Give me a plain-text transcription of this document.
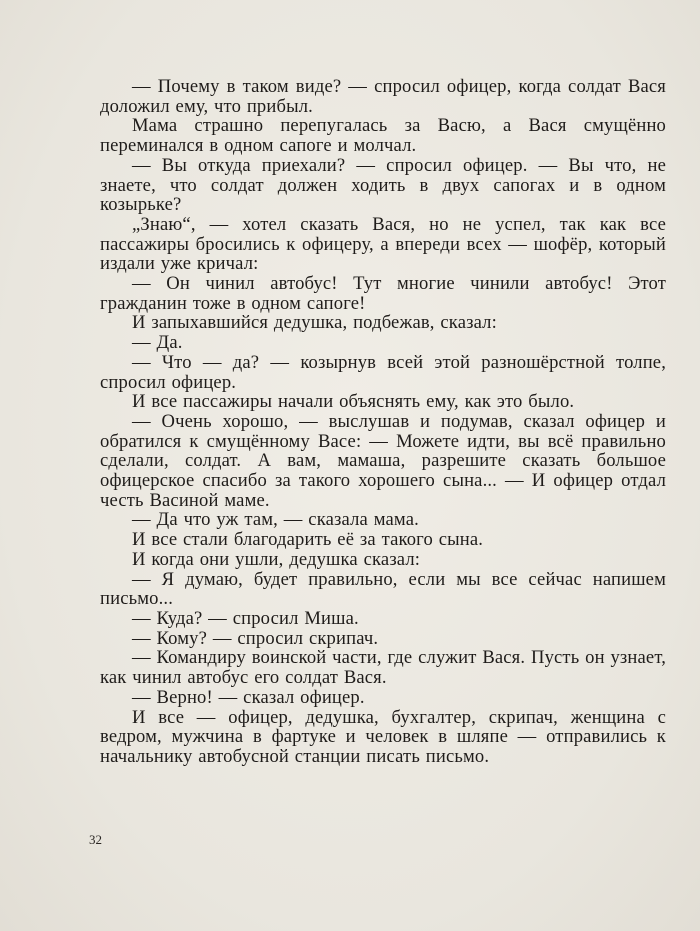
— Почему в таком виде? — спросил офицер, когда солдат Вася доложил ему, что прибыл.

Мама страшно перепугалась за Васю, а Вася смущённо переминался в одном сапоге и молчал.

— Вы откуда приехали? — спросил офицер. — Вы что, не знаете, что солдат должен ходить в двух сапогах и в одном козырьке?

„Знаю“, — хотел сказать Вася, но не успел, так как все пассажиры бросились к офицеру, а впереди всех — шофёр, который издали уже кричал:

— Он чинил автобус! Тут многие чинили автобус! Этот гражданин тоже в одном сапоге!

И запыхавшийся дедушка, подбежав, сказал:

— Да.

— Что — да? — козырнув всей этой разношёрстной толпе, спросил офицер.

И все пассажиры начали объяснять ему, как это было.

— Очень хорошо, — выслушав и подумав, сказал офицер и обратился к смущённому Васе: — Можете идти, вы всё правильно сделали, солдат. А вам, мамаша, разрешите сказать большое офицерское спасибо за такого хорошего сына... — И офицер отдал честь Васиной маме.

— Да что уж там, — сказала мама.

И все стали благодарить её за такого сына.

И когда они ушли, дедушка сказал:

— Я думаю, будет правильно, если мы все сейчас напишем письмо...

— Куда? — спросил Миша.

— Кому? — спросил скрипач.

— Командиру воинской части, где служит Вася. Пусть он узнает, как чинил автобус его солдат Вася.

— Верно! — сказал офицер.

И все — офицер, дедушка, бухгалтер, скрипач, женщина с ведром, мужчина в фартуке и человек в шляпе — отправились к начальнику автобусной станции писать письмо.

32
